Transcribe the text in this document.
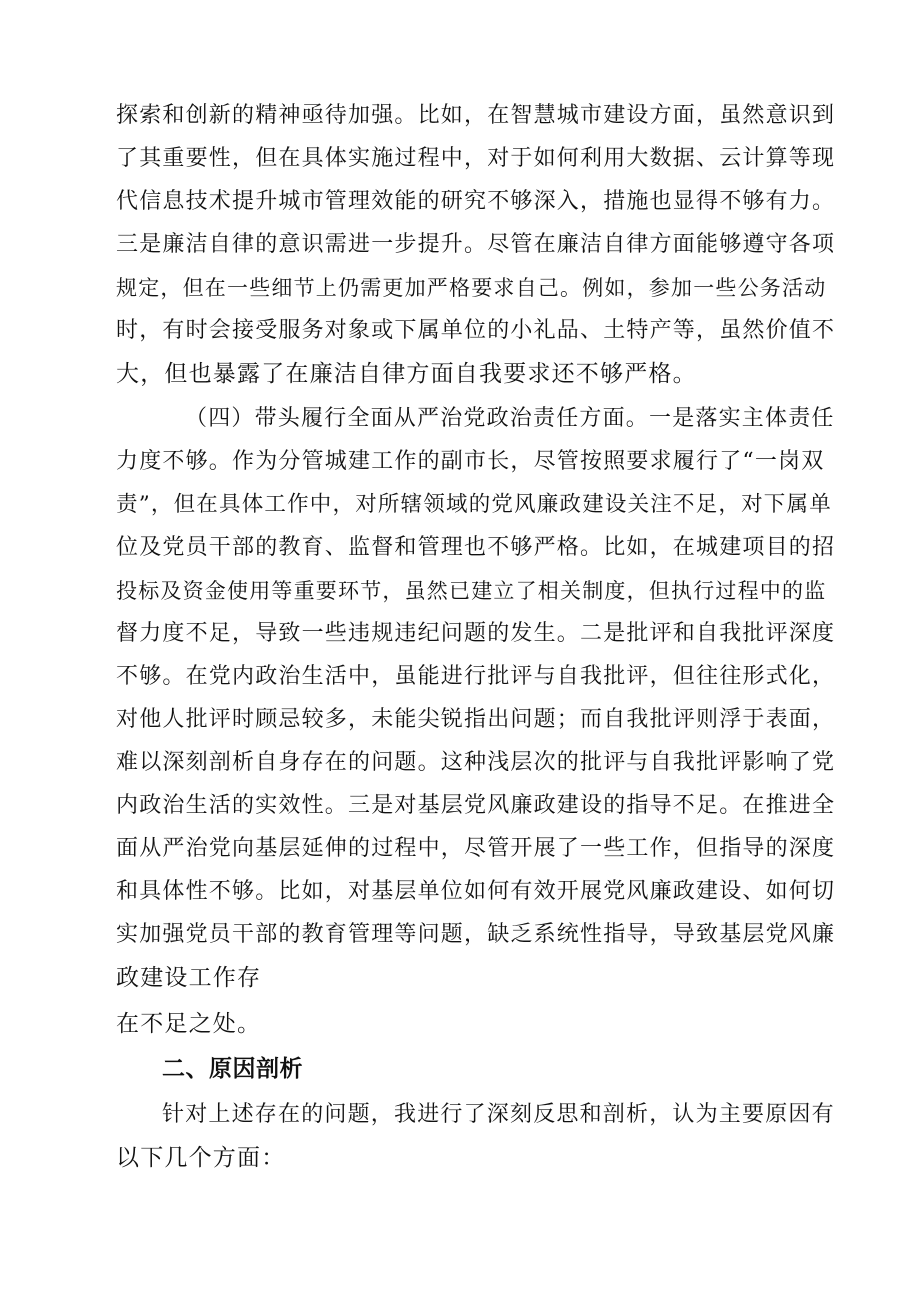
探索和创新的精神亟待加强。比如，在智慧城市建设方面，虽然意识到
了其重要性，但在具体实施过程中，对于如何利用大数据、云计算等现
代信息技术提升城市管理效能的研究不够深入，措施也显得不够有力。
三是廉洁自律的意识需进一步提升。尽管在廉洁自律方面能够遵守各项
规定，但在一些细节上仍需更加严格要求自己。例如，参加一些公务活动
时，有时会接受服务对象或下属单位的小礼品、土特产等，虽然价值不
大，但也暴露了在廉洁自律方面自我要求还不够严格。
（四）带头履行全面从严治党政治责任方面。一是落实主体责任
力度不够。作为分管城建工作的副市长，尽管按照要求履行了“一岗双
责”，但在具体工作中，对所辖领域的党风廉政建设关注不足，对下属单
位及党员干部的教育、监督和管理也不够严格。比如，在城建项目的招
投标及资金使用等重要环节，虽然已建立了相关制度，但执行过程中的监
督力度不足，导致一些违规违纪问题的发生。二是批评和自我批评深度
不够。在党内政治生活中，虽能进行批评与自我批评，但往往形式化，
对他人批评时顾忌较多，未能尖锐指出问题；而自我批评则浮于表面，
难以深刻剖析自身存在的问题。这种浅层次的批评与自我批评影响了党
内政治生活的实效性。三是对基层党风廉政建设的指导不足。在推进全
面从严治党向基层延伸的过程中，尽管开展了一些工作，但指导的深度
和具体性不够。比如，对基层单位如何有效开展党风廉政建设、如何切
实加强党员干部的教育管理等问题，缺乏系统性指导，导致基层党风廉
政建设工作存
在不足之处。
二、原因剖析
针对上述存在的问题，我进行了深刻反思和剖析，认为主要原因有
以下几个方面：
